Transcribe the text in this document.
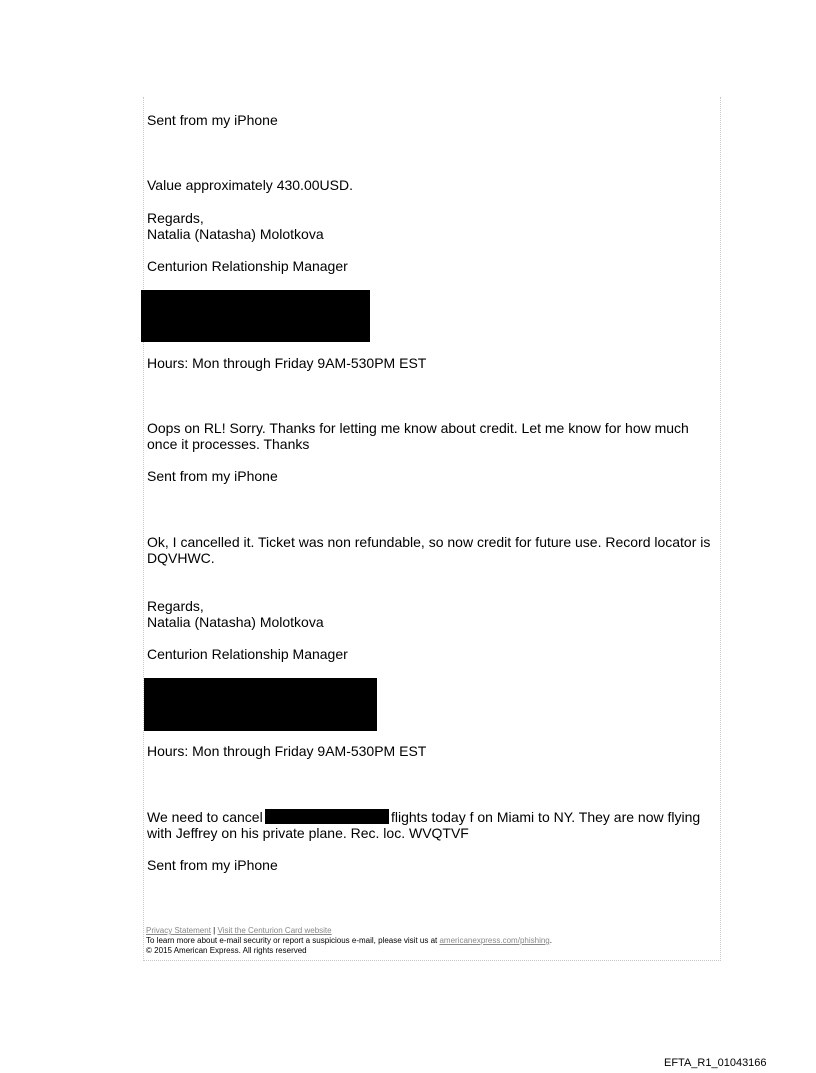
Sent from my iPhone
Value approximately 430.00USD.
Regards,
Natalia (Natasha) Molotkova
Centurion Relationship Manager
Hours: Mon through Friday 9AM-530PM EST
Oops on RL! Sorry. Thanks for letting me know about credit. Let me know for how much
once it processes. Thanks
Sent from my iPhone
Ok, I cancelled it. Ticket was non refundable, so now credit for future use. Record locator is
DQVHWC.
Regards,
Natalia (Natasha) Molotkova
Centurion Relationship Manager
Hours: Mon through Friday 9AM-530PM EST
We need to cancel	flights today f on Miami to NY. They are now flying
with Jeffrey on his private plane. Rec. loc. WVQTVF
Sent from my iPhone
Privacy Statement | Visit the Centurion Card website
To learn more about e-mail security or report a suspicious e-mail, please visit us at americanexpress.com/phishing.
© 2015 American Express. All rights reserved
EFTA_R1_01043166
